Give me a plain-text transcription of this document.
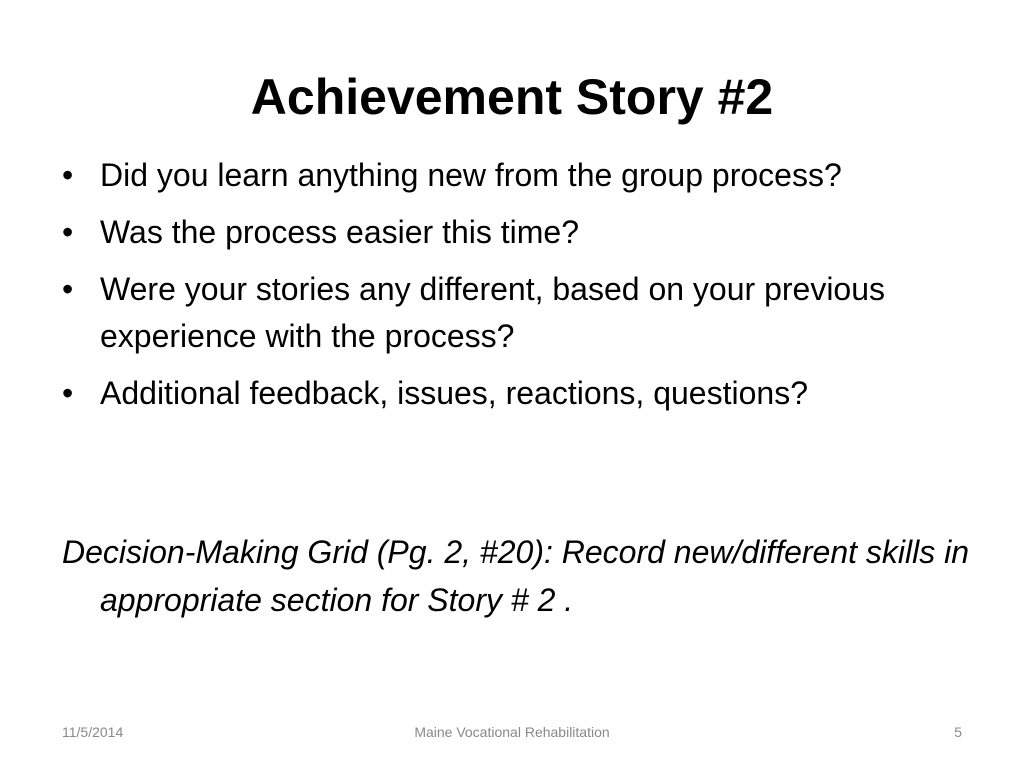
Achievement Story #2
• Did you learn anything new from the group process?
• Was the process easier this time?
• Were your stories any different, based on your previous experience with the process?
• Additional feedback, issues, reactions, questions?
Decision-Making Grid (Pg. 2, #20): Record new/different skills in appropriate section for Story # 2 .
11/5/2014	Maine Vocational Rehabilitation	5
